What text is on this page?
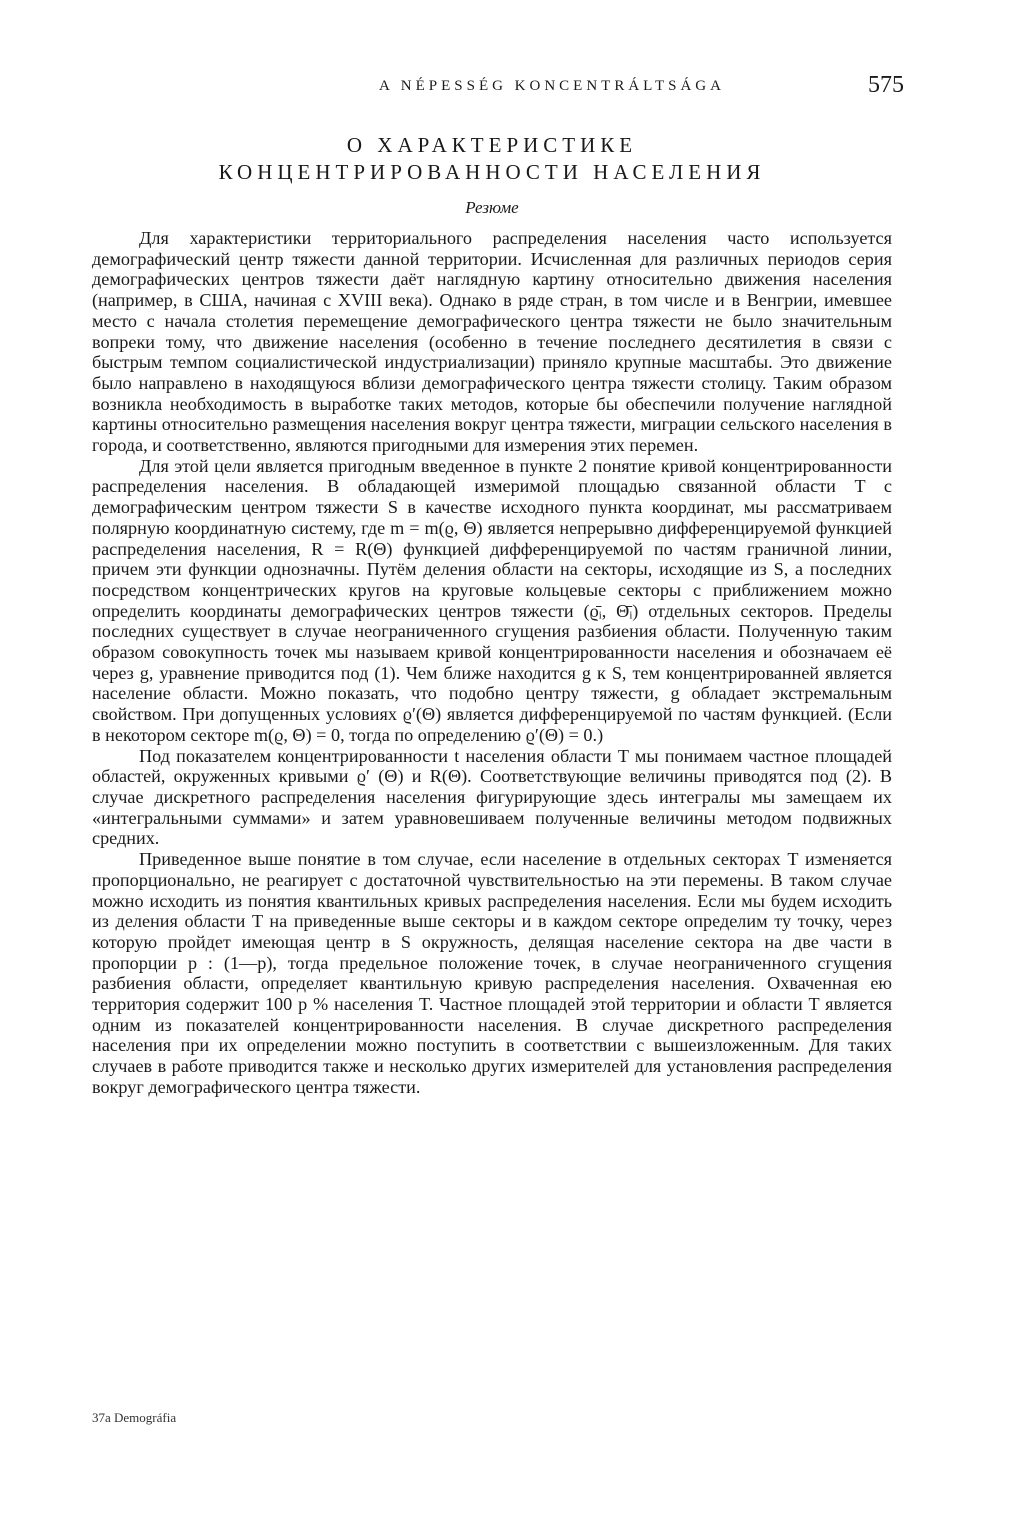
A NÉPESSÉG KONCENTRÁLTSÁGA	575
О ХАРАКТЕРИСТИКЕ
КОНЦЕНТРИРОВАННОСТИ НАСЕЛЕНИЯ
Резюме

Для характеристики территориального распределения населения часто используется демографический центр тяжести данной территории. Исчисленная для различных периодов серия демографических центров тяжести даёт наглядную картину относительно движения населения (например, в США, начиная с XVIII века). Однако в ряде стран, в том числе и в Венгрии, имевшее место с начала столетия перемещение демографического центра тяжести не было значительным вопреки тому, что движение населения (особенно в течение последнего десятилетия в связи с быстрым темпом социалистической индустриализации) приняло крупные масштабы. Это движение было направлено в находящуюся вблизи демографического центра тяжести столицу. Таким образом возникла необходимость в выработке таких методов, которые бы обеспечили получение наглядной картины относительно размещения населения вокруг центра тяжести, миграции сельского населения в города, и соответственно, являются пригодными для измерения этих перемен.

Для этой цели является пригодным введенное в пункте 2 понятие кривой концентрированности распределения населения. В обладающей измеримой площадью связанной области T с демографическим центром тяжести S в качестве исходного пункта координат, мы рассматриваем полярную координатную систему, где m = m(ϱ, Θ) является непрерывно дифференцируемой функцией распределения населения, R = R(Θ) функцией дифференцируемой по частям граничной линии, причем эти функции однозначны. Путём деления области на секторы, исходящие из S, а последних посредством концентрических кругов на круговые кольцевые секторы с приближением можно определить координаты демографических центров тяжести (ϱ̄ᵢ, Θ̄ᵢ) отдельных секторов. Пределы последних существует в случае неограниченного сгущения разбиения области. Полученную таким образом совокупность точек мы называем кривой концентрированности населения и обозначаем её через g, уравнение приводится под (1). Чем ближе находится g к S, тем концентрированней является население области. Можно показать, что подобно центру тяжести, g обладает экстремальным свойством. При допущенных условиях ϱ′(Θ) является дифференцируемой по частям функцией. (Если в некотором секторе m(ϱ, Θ) = 0, тогда по определению ϱ′(Θ) = 0.)

Под показателем концентрированности t населения области T мы понимаем частное площадей областей, окруженных кривыми ϱ′ (Θ) и R(Θ). Соответствующие величины приводятся под (2). В случае дискретного распределения населения фигурирующие здесь интегралы мы замещаем их «интегральными суммами» и затем уравновешиваем полученные величины методом подвижных средних.

Приведенное выше понятие в том случае, если население в отдельных секторах T изменяется пропорционально, не реагирует с достаточной чувствительностью на эти перемены. В таком случае можно исходить из понятия квантильных кривых распределения населения. Если мы будем исходить из деления области T на приведенные выше секторы и в каждом секторе определим ту точку, через которую пройдет имеющая центр в S окружность, делящая население сектора на две части в пропорции p : (1—p), тогда предельное положение точек, в случае неограниченного сгущения разбиения области, определяет квантильную кривую распределения населения. Охваченная ею территория содержит 100 p % населения T. Частное площадей этой территории и области T является одним из показателей концентрированности населения. В случае дискретного распределения населения при их определении можно поступить в соответствии с вышеизложенным. Для таких случаев в работе приводится также и несколько других измерителей для установления распределения вокруг демографического центра тяжести.

37a Demográfia
